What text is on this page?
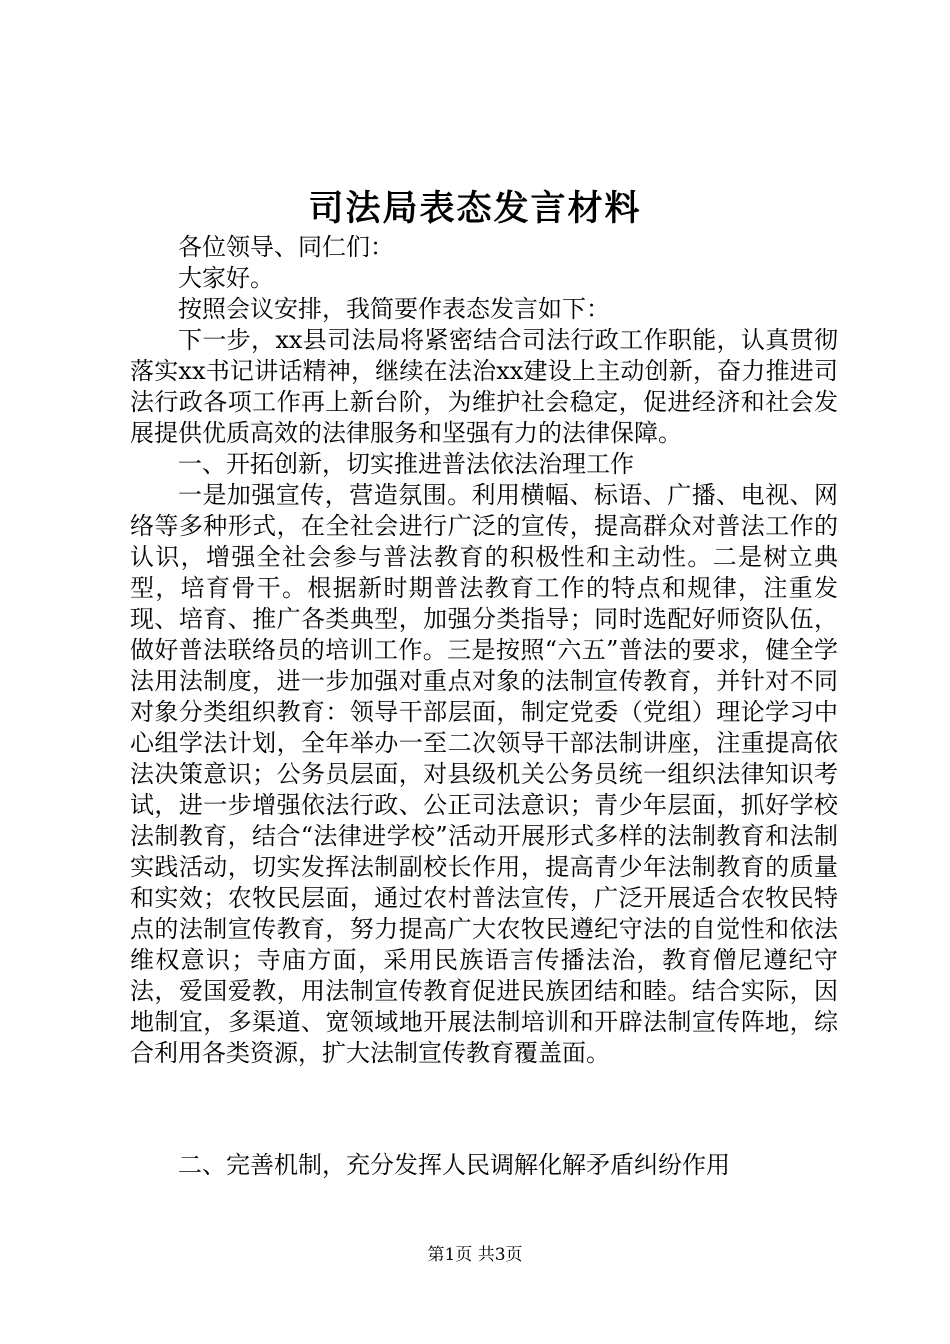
司法局表态发言材料

各位领导、同仁们：

大家好。

按照会议安排，我简要作表态发言如下：

下一步，xx县司法局将紧密结合司法行政工作职能，认真贯彻落实xx书记讲话精神，继续在法治xx建设上主动创新，奋力推进司法行政各项工作再上新台阶，为维护社会稳定，促进经济和社会发展提供优质高效的法律服务和坚强有力的法律保障。

一、开拓创新，切实推进普法依法治理工作

一是加强宣传，营造氛围。利用横幅、标语、广播、电视、网络等多种形式，在全社会进行广泛的宣传，提高群众对普法工作的认识，增强全社会参与普法教育的积极性和主动性。二是树立典型，培育骨干。根据新时期普法教育工作的特点和规律，注重发现、培育、推广各类典型，加强分类指导；同时选配好师资队伍，做好普法联络员的培训工作。三是按照“六五”普法的要求，健全学法用法制度，进一步加强对重点对象的法制宣传教育，并针对不同对象分类组织教育：领导干部层面，制定党委（党组）理论学习中心组学法计划，全年举办一至二次领导干部法制讲座，注重提高依法决策意识；公务员层面，对县级机关公务员统一组织法律知识考试，进一步增强依法行政、公正司法意识；青少年层面，抓好学校法制教育，结合“法律进学校”活动开展形式多样的法制教育和法制实践活动，切实发挥法制副校长作用，提高青少年法制教育的质量和实效；农牧民层面，通过农村普法宣传，广泛开展适合农牧民特点的法制宣传教育，努力提高广大农牧民遵纪守法的自觉性和依法维权意识；寺庙方面，采用民族语言传播法治，教育僧尼遵纪守法，爱国爱教，用法制宣传教育促进民族团结和睦。结合实际，因地制宜，多渠道、宽领域地开展法制培训和开辟法制宣传阵地，综合利用各类资源，扩大法制宣传教育覆盖面。

二、完善机制，充分发挥人民调解化解矛盾纠纷作用

第1页 共3页
